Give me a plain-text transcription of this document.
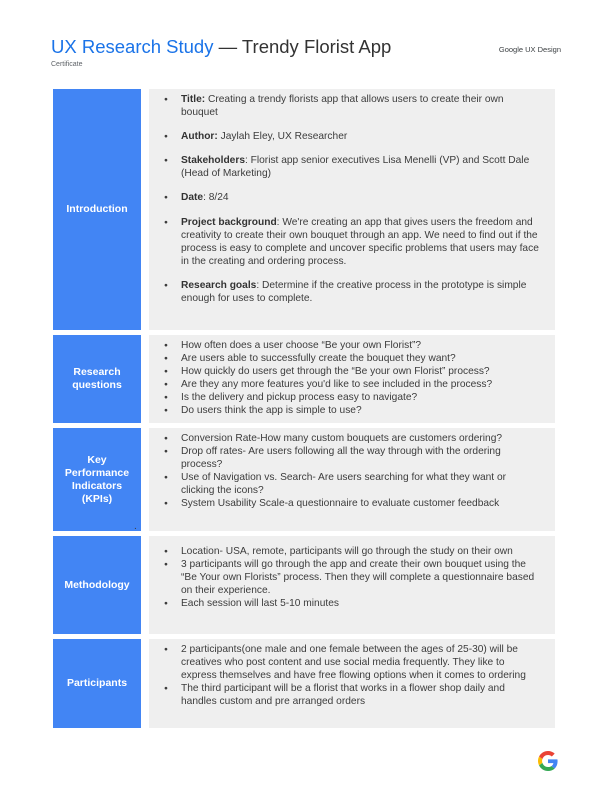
UX Research Study — Trendy Florist App
Certificate
Google UX Design
Introduction
● Title: Creating a trendy florists app that allows users to create their own bouquet
● Author: Jaylah Eley, UX Researcher
● Stakeholders: Florist app senior executives Lisa Menelli (VP) and Scott Dale (Head of Marketing)
● Date: 8/24
● Project background: We're creating an app that gives users the freedom and creativity to create their own bouquet through an app. We need to find out if the process is easy to complete and uncover specific problems that users may face in the creating and ordering process.
● Research goals: Determine if the creative process in the prototype is simple enough for uses to complete.
Research questions
● How often does a user choose “Be your own Florist”?
● Are users able to successfully create the bouquet they want?
● How quickly do users get through the “Be your own Florist” process?
● Are they any more features you'd like to see included in the process?
● Is the delivery and pickup process easy to navigate?
● Do users think the app is simple to use?
Key Performance Indicators (KPIs)
● Conversion Rate-How many custom bouquets are customers ordering?
● Drop off rates- Are users following all the way through with the ordering process?
● Use of Navigation vs. Search- Are users searching for what they want or clicking the icons?
● System Usability Scale-a questionnaire to evaluate customer feedback
.
Methodology
● Location- USA, remote, participants will go through the study on their own
● 3 participants will go through the app and create their own bouquet using the “Be Your own Florists” process. Then they will complete a questionnaire based on their experience.
● Each session will last 5-10 minutes
Participants
● 2 participants(one male and one female between the ages of 25-30) will be creatives who post content and use social media frequently. They like to express themselves and have free flowing options when it comes to ordering
● The third participant will be a florist that works in a flower shop daily and handles custom and pre arranged orders
